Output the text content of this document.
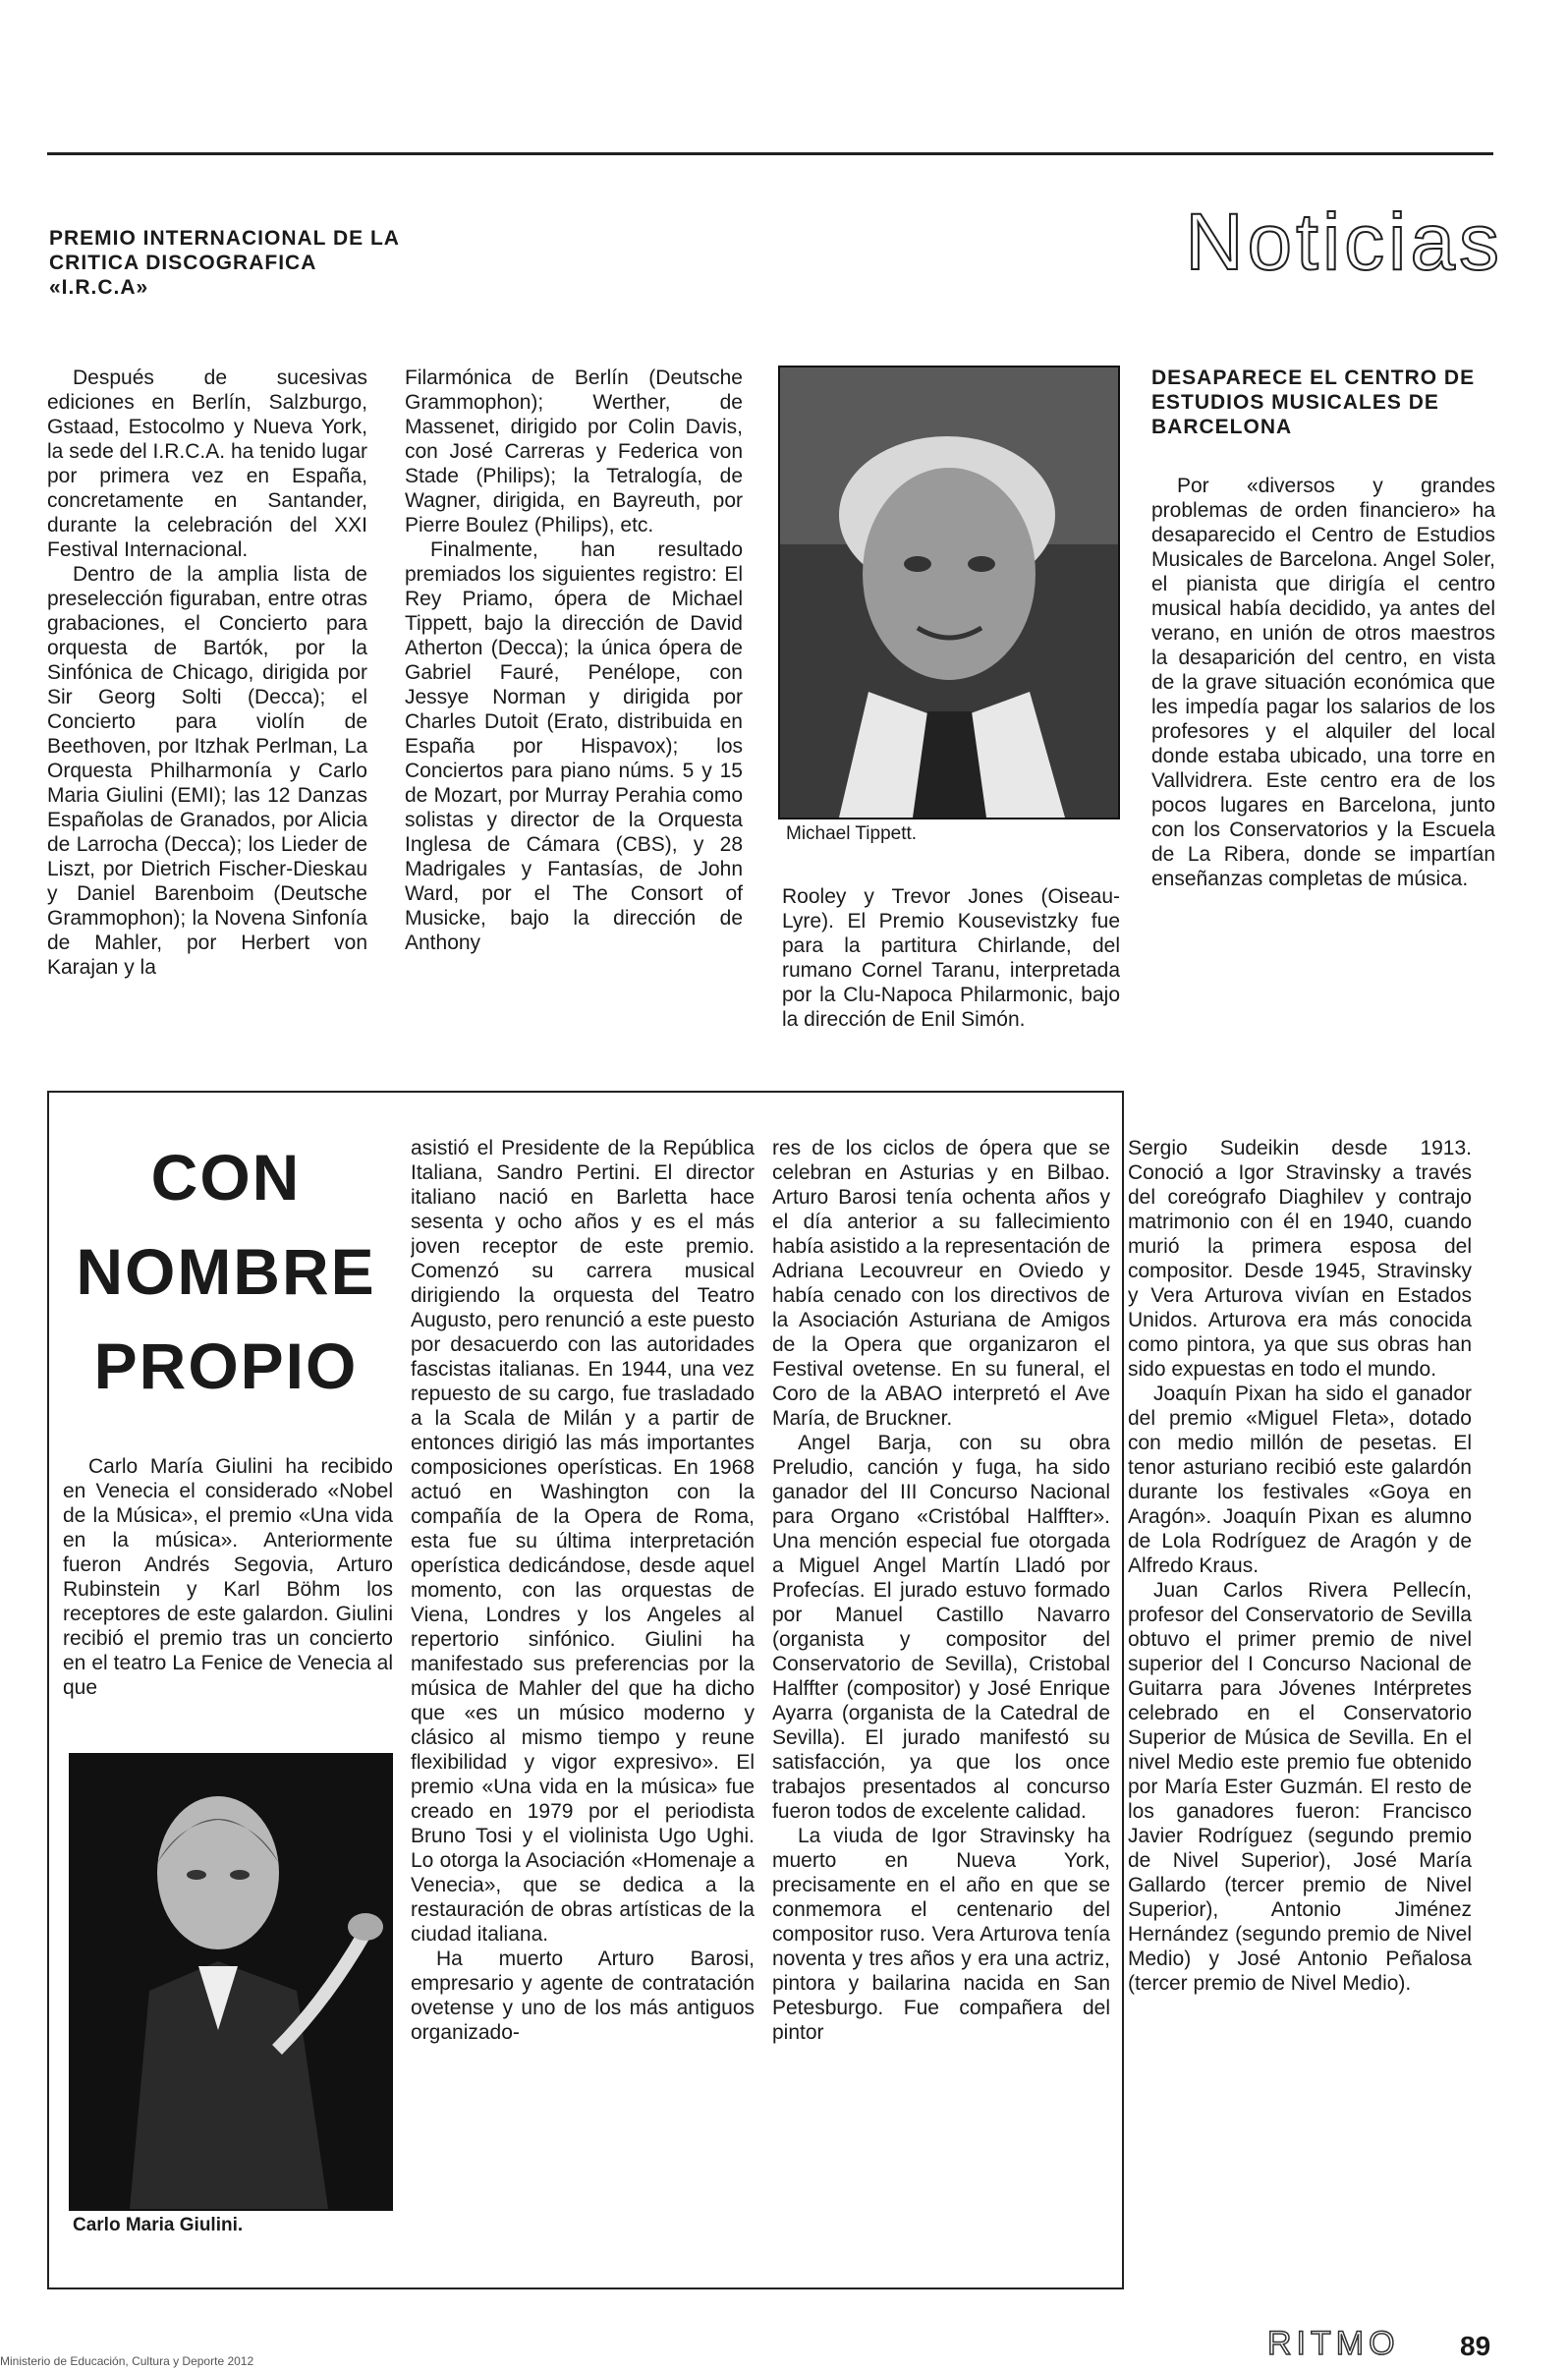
PREMIO INTERNACIONAL DE LA CRITICA DISCOGRAFICA «I.R.C.A»
Noticias

Después de sucesivas ediciones en Berlín, Salzburgo, Gstaad, Estocolmo y Nueva York, la sede del I.R.C.A. ha tenido lugar por primera vez en España, concretamente en Santander, durante la celebración del XXI Festival Internacional.

Dentro de la amplia lista de preselección figuraban, entre otras grabaciones, el Concierto para orquesta de Bartók, por la Sinfónica de Chicago, dirigida por Sir Georg Solti (Decca); el Concierto para violín de Beethoven, por Itzhak Perlman, La Orquesta Philharmonía y Carlo Maria Giulini (EMI); las 12 Danzas Españolas de Granados, por Alicia de Larrocha (Decca); los Lieder de Liszt, por Dietrich Fischer-Dieskau y Daniel Barenboim (Deutsche Grammophon); la Novena Sinfonía de Mahler, por Herbert von Karajan y la

Filarmónica de Berlín (Deutsche Grammophon); Werther, de Massenet, dirigido por Colin Davis, con José Carreras y Federica von Stade (Philips); la Tetralogía, de Wagner, dirigida, en Bayreuth, por Pierre Boulez (Philips), etc.

Finalmente, han resultado premiados los siguientes registro: El Rey Priamo, ópera de Michael Tippett, bajo la dirección de David Atherton (Decca); la única ópera de Gabriel Fauré, Penélope, con Jessye Norman y dirigida por Charles Dutoit (Erato, distribuida en España por Hispavox); los Conciertos para piano núms. 5 y 15 de Mozart, por Murray Perahia como solistas y director de la Orquesta Inglesa de Cámara (CBS), y 28 Madrigales y Fantasías, de John Ward, por el The Consort of Musicke, bajo la dirección de Anthony

Michael Tippett.

Rooley y Trevor Jones (Oiseau-Lyre). El Premio Kousevistzky fue para la partitura Chirlande, del rumano Cornel Taranu, interpretada por la Clu-Napoca Philarmonic, bajo la dirección de Enil Simón.

DESAPARECE EL CENTRO DE ESTUDIOS MUSICALES DE BARCELONA

Por «diversos y grandes problemas de orden financiero» ha desaparecido el Centro de Estudios Musicales de Barcelona. Angel Soler, el pianista que dirigía el centro musical había decidido, ya antes del verano, en unión de otros maestros la desaparición del centro, en vista de la grave situación económica que les impedía pagar los salarios de los profesores y el alquiler del local donde estaba ubicado, una torre en Vallvidrera. Este centro era de los pocos lugares en Barcelona, junto con los Conservatorios y la Escuela de La Ribera, donde se impartían enseñanzas completas de música.

CON
NOMBRE
PROPIO

Carlo María Giulini ha recibido en Venecia el considerado «Nobel de la Música», el premio «Una vida en la música». Anteriormente fueron Andrés Segovia, Arturo Rubinstein y Karl Böhm los receptores de este galardon. Giulini recibió el premio tras un concierto en el teatro La Fenice de Venecia al que

Carlo Maria Giulini.

asistió el Presidente de la República Italiana, Sandro Pertini. El director italiano nació en Barletta hace sesenta y ocho años y es el más joven receptor de este premio. Comenzó su carrera musical dirigiendo la orquesta del Teatro Augusto, pero renunció a este puesto por desacuerdo con las autoridades fascistas italianas. En 1944, una vez repuesto de su cargo, fue trasladado a la Scala de Milán y a partir de entonces dirigió las más importantes composiciones operísticas. En 1968 actuó en Washington con la compañía de la Opera de Roma, esta fue su última interpretación operística dedicándose, desde aquel momento, con las orquestas de Viena, Londres y los Angeles al repertorio sinfónico. Giulini ha manifestado sus preferencias por la música de Mahler del que ha dicho que «es un músico moderno y clásico al mismo tiempo y reune flexibilidad y vigor expresivo». El premio «Una vida en la música» fue creado en 1979 por el periodista Bruno Tosi y el violinista Ugo Ughi. Lo otorga la Asociación «Homenaje a Venecia», que se dedica a la restauración de obras artísticas de la ciudad italiana.

Ha muerto Arturo Barosi, empresario y agente de contratación ovetense y uno de los más antiguos organizado-

res de los ciclos de ópera que se celebran en Asturias y en Bilbao. Arturo Barosi tenía ochenta años y el día anterior a su fallecimiento había asistido a la representación de Adriana Lecouvreur en Oviedo y había cenado con los directivos de la Asociación Asturiana de Amigos de la Opera que organizaron el Festival ovetense. En su funeral, el Coro de la ABAO interpretó el Ave María, de Bruckner.

Angel Barja, con su obra Preludio, canción y fuga, ha sido ganador del III Concurso Nacional para Organo «Cristóbal Halffter». Una mención especial fue otorgada a Miguel Angel Martín Lladó por Profecías. El jurado estuvo formado por Manuel Castillo Navarro (organista y compositor del Conservatorio de Sevilla), Cristobal Halffter (compositor) y José Enrique Ayarra (organista de la Catedral de Sevilla). El jurado manifestó su satisfacción, ya que los once trabajos presentados al concurso fueron todos de excelente calidad.

La viuda de Igor Stravinsky ha muerto en Nueva York, precisamente en el año en que se conmemora el centenario del compositor ruso. Vera Arturova tenía noventa y tres años y era una actriz, pintora y bailarina nacida en San Petesburgo. Fue compañera del pintor

Sergio Sudeikin desde 1913. Conoció a Igor Stravinsky a través del coreógrafo Diaghilev y contrajo matrimonio con él en 1940, cuando murió la primera esposa del compositor. Desde 1945, Stravinsky y Vera Arturova vivían en Estados Unidos. Arturova era más conocida como pintora, ya que sus obras han sido expuestas en todo el mundo.

Joaquín Pixan ha sido el ganador del premio «Miguel Fleta», dotado con medio millón de pesetas. El tenor asturiano recibió este galardón durante los festivales «Goya en Aragón». Joaquín Pixan es alumno de Lola Rodríguez de Aragón y de Alfredo Kraus.

Juan Carlos Rivera Pellecín, profesor del Conservatorio de Sevilla obtuvo el primer premio de nivel superior del I Concurso Nacional de Guitarra para Jóvenes Intérpretes celebrado en el Conservatorio Superior de Música de Sevilla. En el nivel Medio este premio fue obtenido por María Ester Guzmán. El resto de los ganadores fueron: Francisco Javier Rodríguez (segundo premio de Nivel Superior), José María Gallardo (tercer premio de Nivel Superior), Antonio Jiménez Hernández (segundo premio de Nivel Medio) y José Antonio Peñalosa (tercer premio de Nivel Medio).

RITMO 89
Ministerio de Educación, Cultura y Deporte 2012
